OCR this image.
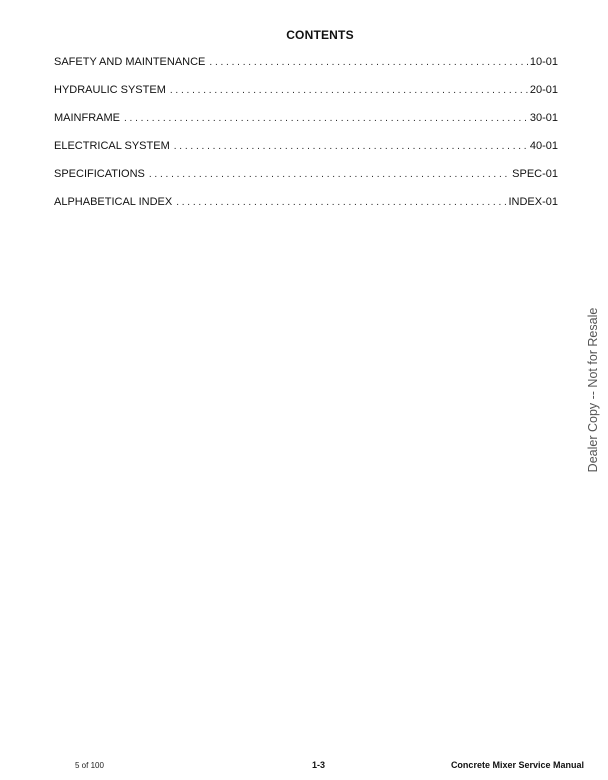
CONTENTS
SAFETY AND MAINTENANCE . . .	10-01
HYDRAULIC SYSTEM . . .	20-01
MAINFRAME . . .	30-01
ELECTRICAL SYSTEM . . .	40-01
SPECIFICATIONS . . .	SPEC-01
ALPHABETICAL INDEX . . .	INDEX-01
Dealer Copy -- Not for Resale
5 of 100	1-3	Concrete Mixer Service Manual
